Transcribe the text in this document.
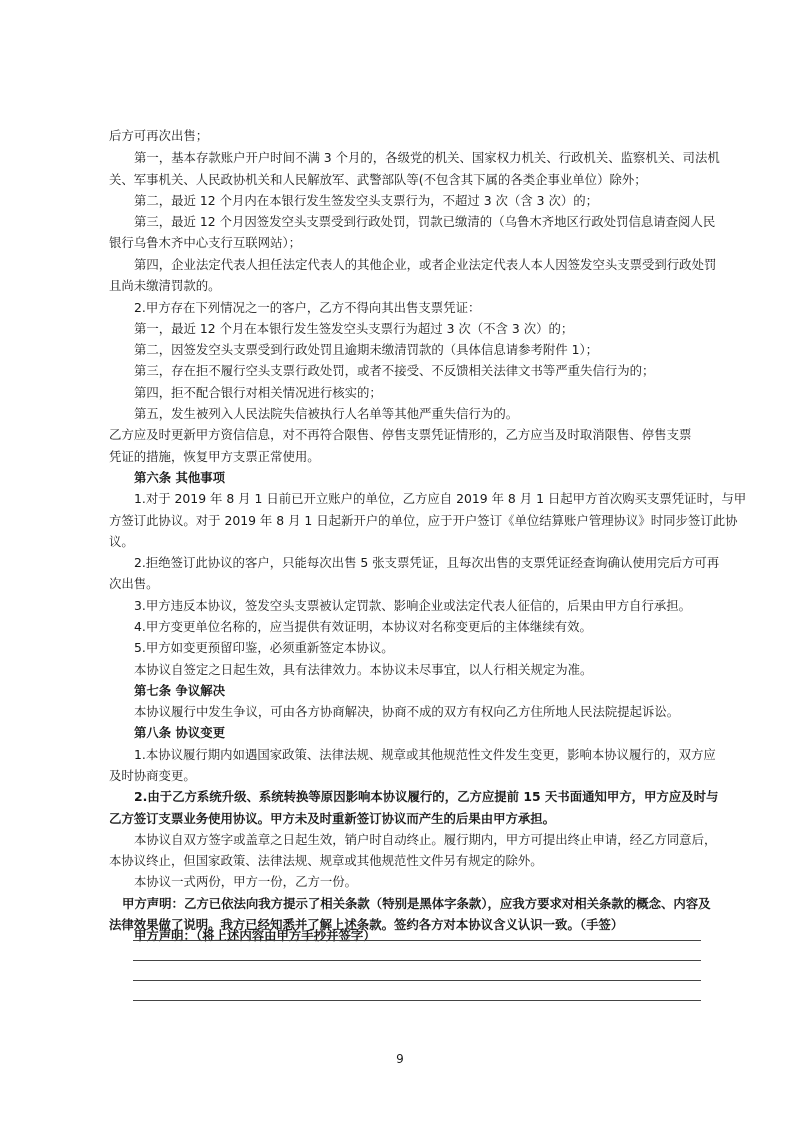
后方可再次出售；
第一，基本存款账户开户时间不满 3 个月的，各级党的机关、国家权力机关、行政机关、监察机关、司法机
关、军事机关、人民政协机关和人民解放军、武警部队等(不包含其下属的各类企事业单位）除外；
第二，最近 12 个月内在本银行发生签发空头支票行为，不超过 3 次（含 3 次）的；
第三，最近 12 个月因签发空头支票受到行政处罚，罚款已缴清的（乌鲁木齐地区行政处罚信息请查阅人民
银行乌鲁木齐中心支行互联网站）；
第四，企业法定代表人担任法定代表人的其他企业，或者企业法定代表人本人因签发空头支票受到行政处罚
且尚未缴清罚款的。
2.甲方存在下列情况之一的客户，乙方不得向其出售支票凭证：
第一，最近 12 个月在本银行发生签发空头支票行为超过 3 次（不含 3 次）的；
第二，因签发空头支票受到行政处罚且逾期未缴清罚款的（具体信息请参考附件 1）；
第三，存在拒不履行空头支票行政处罚，或者不接受、不反馈相关法律文书等严重失信行为的；
第四，拒不配合银行对相关情况进行核实的；
第五，发生被列入人民法院失信被执行人名单等其他严重失信行为的。
乙方应及时更新甲方资信信息，对不再符合限售、停售支票凭证情形的，乙方应当及时取消限售、停售支票
凭证的措施，恢复甲方支票正常使用。
第六条 其他事项
1.对于 2019 年 8 月 1 日前已开立账户的单位，乙方应自 2019 年 8 月 1 日起甲方首次购买支票凭证时，与甲
方签订此协议。对于 2019 年 8 月 1 日起新开户的单位，应于开户签订《单位结算账户管理协议》时同步签订此协
议。
2.拒绝签订此协议的客户，只能每次出售 5 张支票凭证，且每次出售的支票凭证经查询确认使用完后方可再
次出售。
3.甲方违反本协议，签发空头支票被认定罚款、影响企业或法定代表人征信的，后果由甲方自行承担。
4.甲方变更单位名称的，应当提供有效证明，本协议对名称变更后的主体继续有效。
5.甲方如变更预留印鉴，必须重新签定本协议。
本协议自签定之日起生效，具有法律效力。本协议未尽事宜，以人行相关规定为准。
第七条 争议解决
本协议履行中发生争议，可由各方协商解决，协商不成的双方有权向乙方住所地人民法院提起诉讼。
第八条 协议变更
1.本协议履行期内如遇国家政策、法律法规、规章或其他规范性文件发生变更，影响本协议履行的，双方应
及时协商变更。
2.由于乙方系统升级、系统转换等原因影响本协议履行的，乙方应提前 15 天书面通知甲方，甲方应及时与
乙方签订支票业务使用协议。甲方未及时重新签订协议而产生的后果由甲方承担。
本协议自双方签字或盖章之日起生效，销户时自动终止。履行期内，甲方可提出终止申请，经乙方同意后，
本协议终止，但国家政策、法律法规、规章或其他规范性文件另有规定的除外。
本协议一式两份，甲方一份，乙方一份。
甲方声明：乙方已依法向我方提示了相关条款（特别是黑体字条款），应我方要求对相关条款的概念、内容及
法律效果做了说明。我方已经知悉并了解上述条款。签约各方对本协议含义认识一致。（手签）
甲方声明：（将上述内容由甲方手抄并签字）
9
